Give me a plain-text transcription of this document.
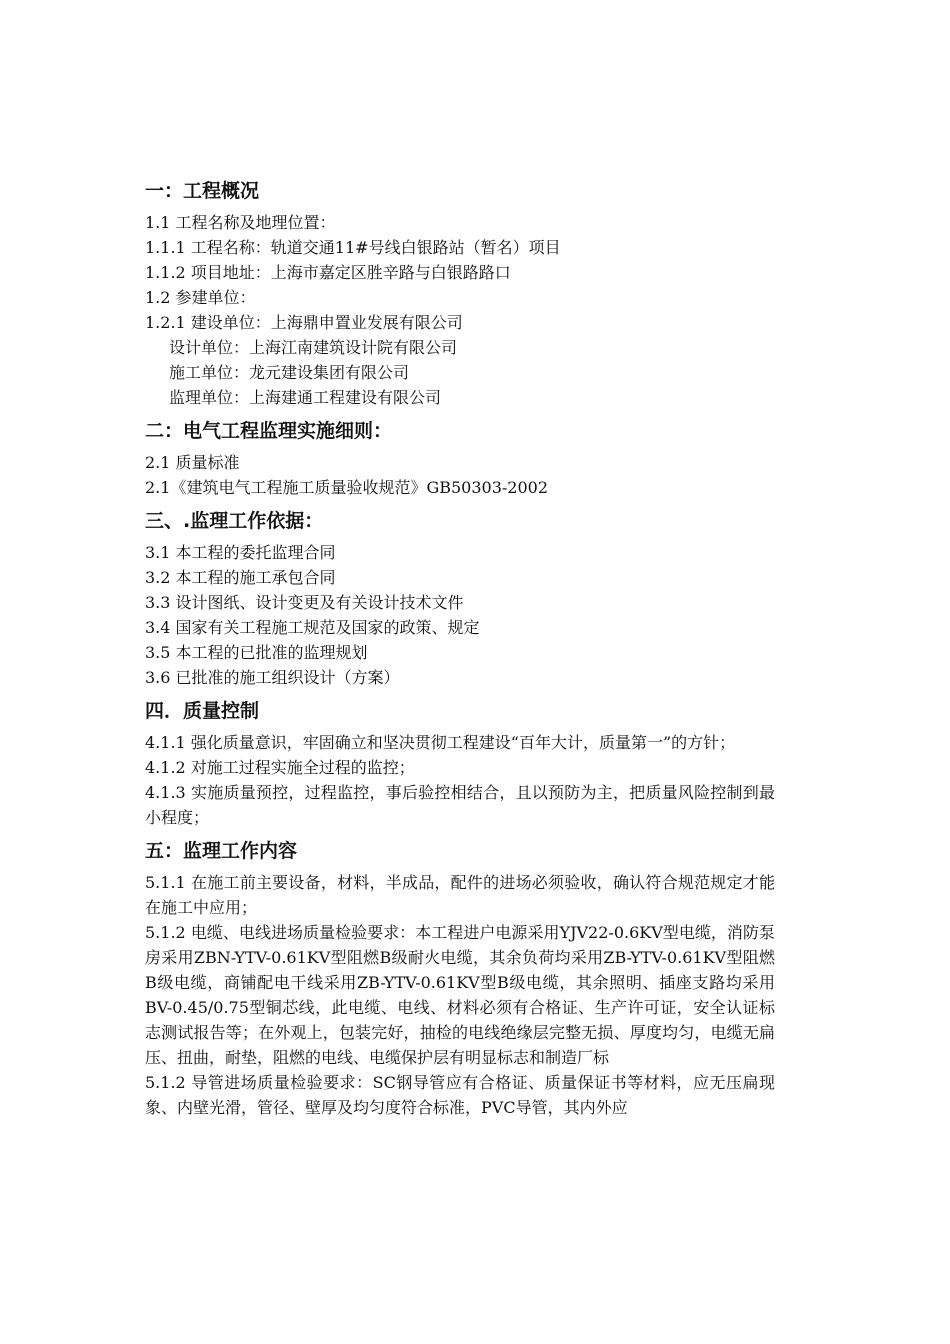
一：工程概况
1.1 工程名称及地理位置：
1.1.1 工程名称：轨道交通11#号线白银路站（暂名）项目
1.1.2 项目地址：上海市嘉定区胜辛路与白银路路口
1.2 参建单位：
1.2.1 建设单位：上海鼎申置业发展有限公司
设计单位：上海江南建筑设计院有限公司
施工单位：龙元建设集团有限公司
监理单位：上海建通工程建设有限公司
二：电气工程监理实施细则：
2.1 质量标准
2.1《建筑电气工程施工质量验收规范》GB50303-2002
三、.监理工作依据：
3.1 本工程的委托监理合同
3.2 本工程的施工承包合同
3.3 设计图纸、设计变更及有关设计技术文件
3.4 国家有关工程施工规范及国家的政策、规定
3.5 本工程的已批准的监理规划
3.6 已批准的施工组织设计（方案）
四．质量控制
4.1.1 强化质量意识，牢固确立和坚决贯彻工程建设“百年大计，质量第一”的方针；
4.1.2 对施工过程实施全过程的监控；
4.1.3 实施质量预控，过程监控，事后验控相结合，且以预防为主，把质量风险控制到最小程度；
五：监理工作内容
5.1.1 在施工前主要设备，材料，半成品，配件的进场必须验收，确认符合规范规定才能在施工中应用；
5.1.2 电缆、电线进场质量检验要求：本工程进户电源采用YJV22-0.6KV型电缆，消防泵房采用ZBN-YTV-0.61KV型阻燃B级耐火电缆，其余负荷均采用ZB-YTV-0.61KV型阻燃B级电缆，商铺配电干线采用ZB-YTV-0.61KV型B级电缆，其余照明、插座支路均采用BV-0.45/0.75型铜芯线，此电缆、电线、材料必须有合格证、生产许可证，安全认证标志测试报告等；在外观上，包装完好，抽检的电线绝缘层完整无损、厚度均匀，电缆无扁压、扭曲，耐垫，阻燃的电线、电缆保护层有明显标志和制造厂标
5.1.2 导管进场质量检验要求：SC钢导管应有合格证、质量保证书等材料，应无压扁现象、内壁光滑，管径、壁厚及均匀度符合标准，PVC导管，其内外应
